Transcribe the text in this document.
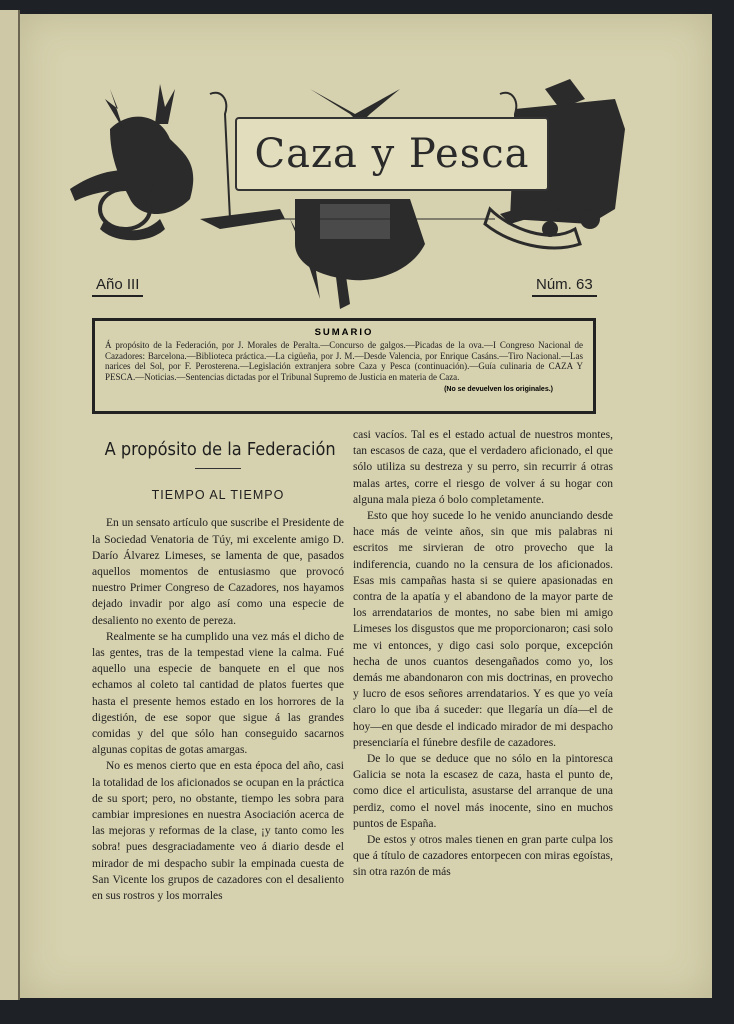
Caza y Pesca
Año III	Núm. 63
SUMARIO
Á propósito de la Federación, por J. Morales de Peralta.—Concurso de galgos.—Picadas de la ova.—I Congreso Nacional de Cazadores: Barcelona.—Biblioteca práctica.—La cigüeña, por J. M.—Desde Valencia, por Enrique Casáns.—Tiro Nacional.—Las narices del Sol, por F. Perosterena.—Legislación extranjera sobre Caza y Pesca (continuación).—Guía culinaria de CAZA Y PESCA.—Noticias.—Sentencias dictadas por el Tribunal Supremo de Justicia en materia de Caza.
(No se devuelven los originales.)
A propósito de la Federación
TIEMPO AL TIEMPO

En un sensato artículo que suscribe el Presidente de la Sociedad Venatoria de Túy, mi excelente amigo D. Darío Álvarez Limeses, se lamenta de que, pasados aquellos momentos de entusiasmo que provocó nuestro Primer Congreso de Cazadores, nos hayamos dejado invadir por algo así como una especie de desaliento no exento de pereza.

Realmente se ha cumplido una vez más el dicho de las gentes, tras de la tempestad viene la calma. Fué aquello una especie de banquete en el que nos echamos al coleto tal cantidad de platos fuertes que hasta el presente hemos estado en los horrores de la digestión, de ese sopor que sigue á las grandes comidas y del que sólo han conseguido sacarnos algunas copitas de gotas amargas.

No es menos cierto que en esta época del año, casi la totalidad de los aficionados se ocupan en la práctica de su sport; pero, no obstante, tiempo les sobra para cambiar impresiones en nuestra Asociación acerca de las mejoras y reformas de la clase, ¡y tanto como les sobra! pues desgraciadamente veo á diario desde el mirador de mi despacho subir la empinada cuesta de San Vicente los grupos de cazadores con el desaliento en sus rostros y los morrales

casi vacíos. Tal es el estado actual de nuestros montes, tan escasos de caza, que el verdadero aficionado, el que sólo utiliza su destreza y su perro, sin recurrir á otras malas artes, corre el riesgo de volver á su hogar con alguna mala pieza ó bolo completamente.

Esto que hoy sucede lo he venido anunciando desde hace más de veinte años, sin que mis palabras ni escritos me sirvieran de otro provecho que la indiferencia, cuando no la censura de los aficionados. Esas mis campañas hasta si se quiere apasionadas en contra de la apatía y el abandono de la mayor parte de los arrendatarios de montes, no sabe bien mi amigo Limeses los disgustos que me proporcionaron; casi solo me vi entonces, y digo casi solo porque, excepción hecha de unos cuantos desengañados como yo, los demás me abandonaron con mis doctrinas, en provecho y lucro de esos señores arrendatarios. Y es que yo veía claro lo que iba á suceder: que llegaría un día—el de hoy—en que desde el indicado mirador de mi despacho presenciaría el fúnebre desfile de cazadores.

De lo que se deduce que no sólo en la pintoresca Galicia se nota la escasez de caza, hasta el punto de, como dice el articulista, asustarse del arranque de una perdiz, como el novel más inocente, sino en muchos puntos de España.

De estos y otros males tienen en gran parte culpa los que á título de cazadores entorpecen con miras egoístas, sin otra razón de más
